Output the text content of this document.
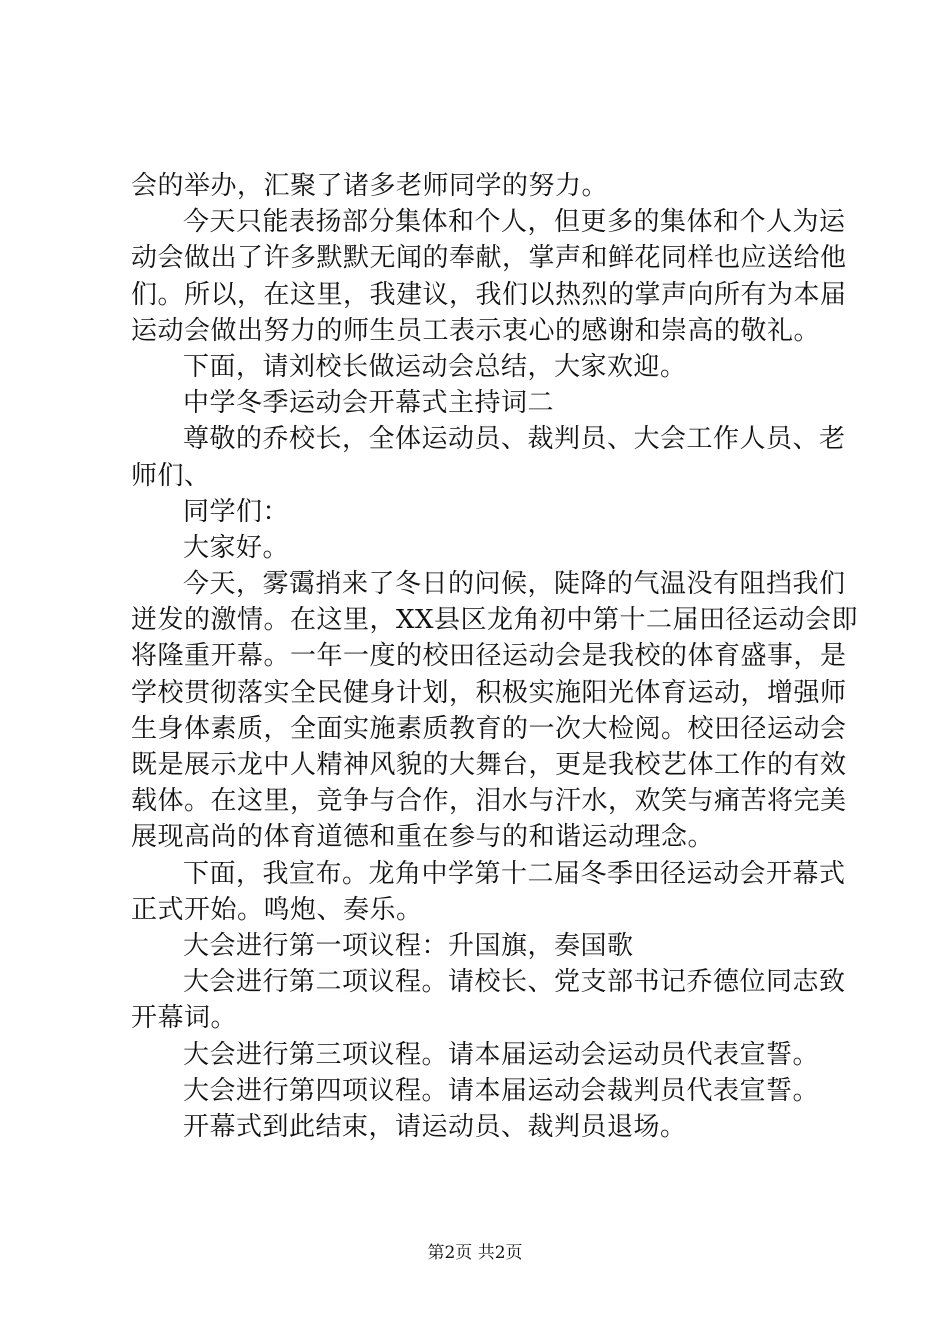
会的举办，汇聚了诸多老师同学的努力。
今天只能表扬部分集体和个人，但更多的集体和个人为运
动会做出了许多默默无闻的奉献，掌声和鲜花同样也应送给他
们。所以，在这里，我建议，我们以热烈的掌声向所有为本届
运动会做出努力的师生员工表示衷心的感谢和崇高的敬礼。
下面，请刘校长做运动会总结，大家欢迎。
中学冬季运动会开幕式主持词二
尊敬的乔校长，全体运动员、裁判员、大会工作人员、老
师们、
同学们：
大家好。
今天，雾霭捎来了冬日的问候，陡降的气温没有阻挡我们
迸发的激情。在这里，XX县区龙角初中第十二届田径运动会即
将隆重开幕。一年一度的校田径运动会是我校的体育盛事，是
学校贯彻落实全民健身计划，积极实施阳光体育运动，增强师
生身体素质，全面实施素质教育的一次大检阅。校田径运动会
既是展示龙中人精神风貌的大舞台，更是我校艺体工作的有效
载体。在这里，竞争与合作，泪水与汗水，欢笑与痛苦将完美
展现高尚的体育道德和重在参与的和谐运动理念。
下面，我宣布。龙角中学第十二届冬季田径运动会开幕式
正式开始。鸣炮、奏乐。
大会进行第一项议程：升国旗，奏国歌
大会进行第二项议程。请校长、党支部书记乔德位同志致
开幕词。
大会进行第三项议程。请本届运动会运动员代表宣誓。
大会进行第四项议程。请本届运动会裁判员代表宣誓。
开幕式到此结束，请运动员、裁判员退场。
第2页 共2页
